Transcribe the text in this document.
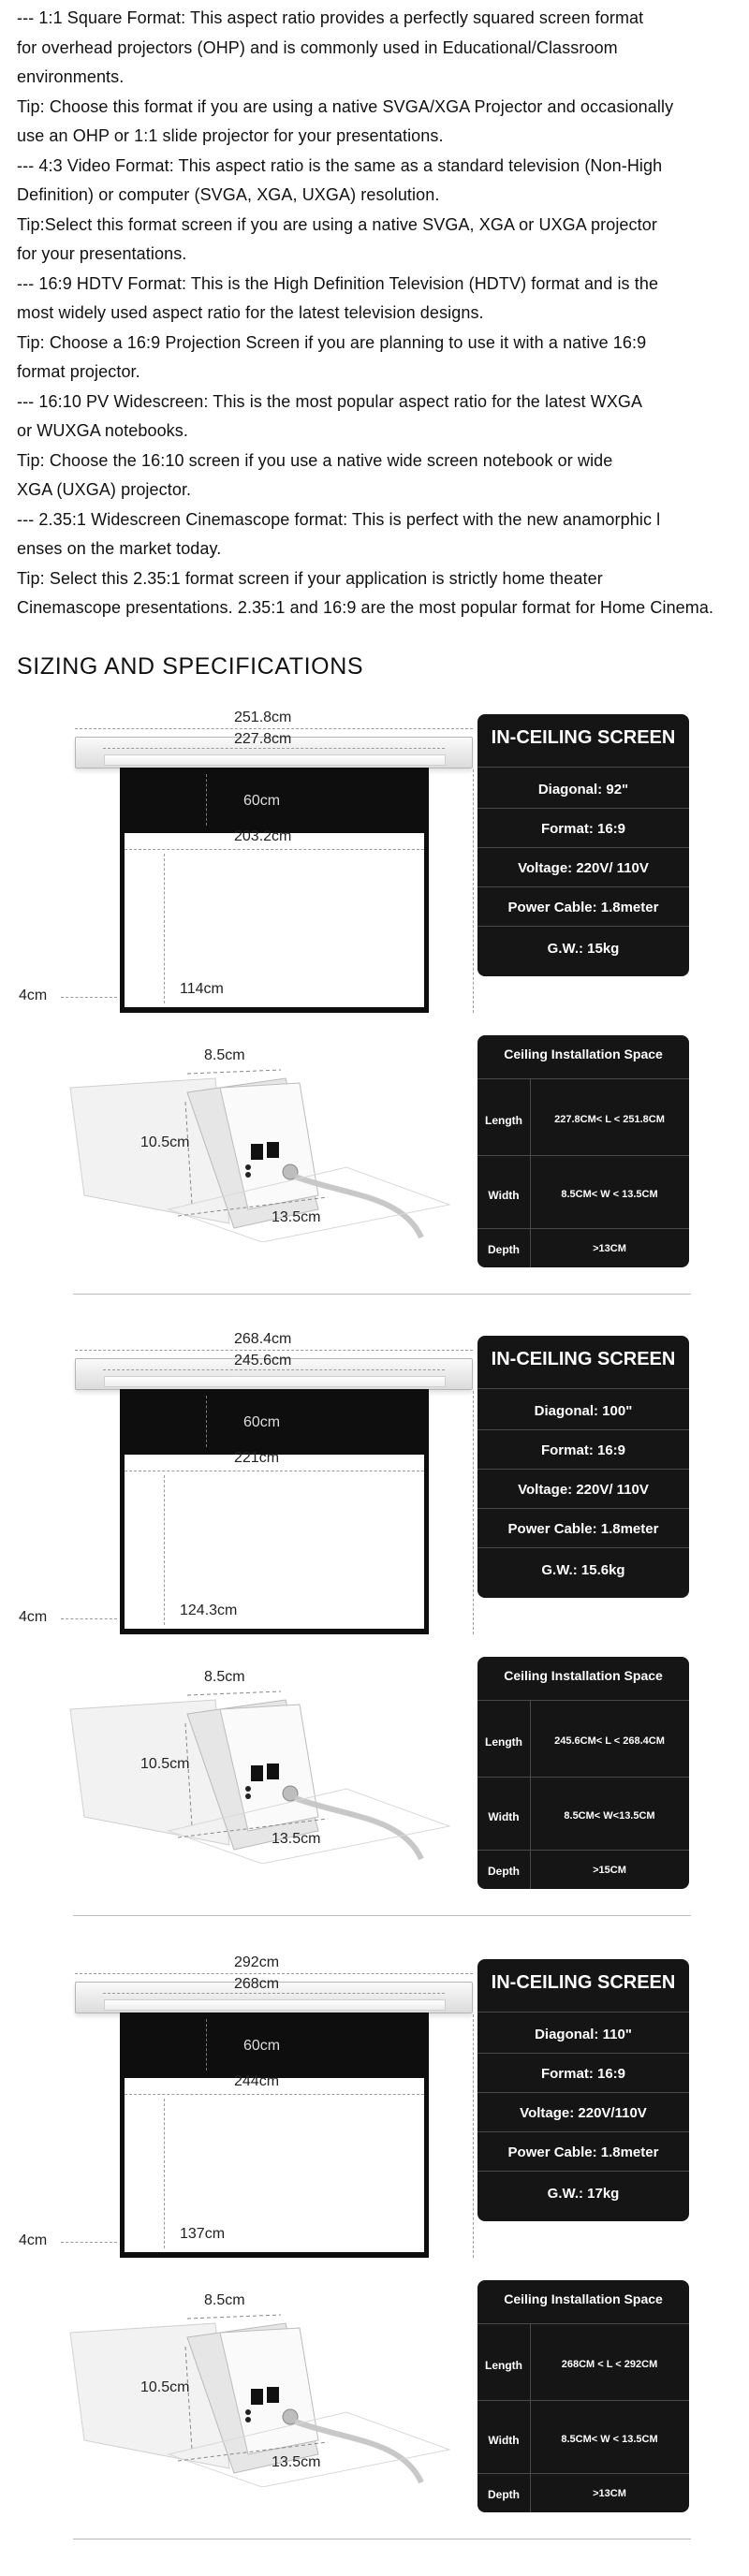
--- 1:1 Square Format: This aspect ratio provides a perfectly squared screen format
for overhead projectors (OHP) and is commonly used in Educational/Classroom
environments.
Tip: Choose this format if you are using a native SVGA/XGA Projector and occasionally
use an OHP or 1:1 slide projector for your presentations.
--- 4:3 Video Format: This aspect ratio is the same as a standard television (Non-High
Definition) or computer (SVGA, XGA, UXGA) resolution.
Tip:Select this format screen if you are using a native SVGA, XGA or UXGA projector
for your presentations.
--- 16:9 HDTV Format: This is the High Definition Television (HDTV) format and is the
most widely used aspect ratio for the latest television designs.
Tip: Choose a 16:9 Projection Screen if you are planning to use it with a native 16:9
format projector.
--- 16:10 PV Widescreen: This is the most popular aspect ratio for the latest WXGA
or WUXGA notebooks.
Tip: Choose the 16:10 screen if you use a native wide screen notebook or wide
XGA (UXGA) projector.
--- 2.35:1 Widescreen Cinemascope format: This is perfect with the new anamorphic l
enses on the market today.
Tip: Select this 2.35:1 format screen if your application is strictly home theater
Cinemascope presentations. 2.35:1 and 16:9 are the most popular format for Home Cinema.
SIZING AND SPECIFICATIONS
251.8cm
227.8cm
60cm
203.2cm
114cm
4cm
IN-CEILING SCREEN
Diagonal: 92"
Format: 16:9
Voltage: 220V/ 110V
Power Cable: 1.8meter
G.W.: 15kg
8.5cm
10.5cm
13.5cm
Ceiling Installation Space
Length	227.8CM< L < 251.8CM
Width	8.5CM< W < 13.5CM
Depth	>13CM
268.4cm
245.6cm
60cm
221cm
124.3cm
4cm
IN-CEILING SCREEN
Diagonal: 100"
Format: 16:9
Voltage: 220V/ 110V
Power Cable: 1.8meter
G.W.: 15.6kg
8.5cm
10.5cm
13.5cm
Ceiling Installation Space
Length	245.6CM< L < 268.4CM
Width	8.5CM< W<13.5CM
Depth	>15CM
292cm
268cm
60cm
244cm
137cm
4cm
IN-CEILING SCREEN
Diagonal: 110"
Format: 16:9
Voltage: 220V/110V
Power Cable: 1.8meter
G.W.: 17kg
8.5cm
10.5cm
13.5cm
Ceiling Installation Space
Length	268CM < L < 292CM
Width	8.5CM< W < 13.5CM
Depth	>13CM
